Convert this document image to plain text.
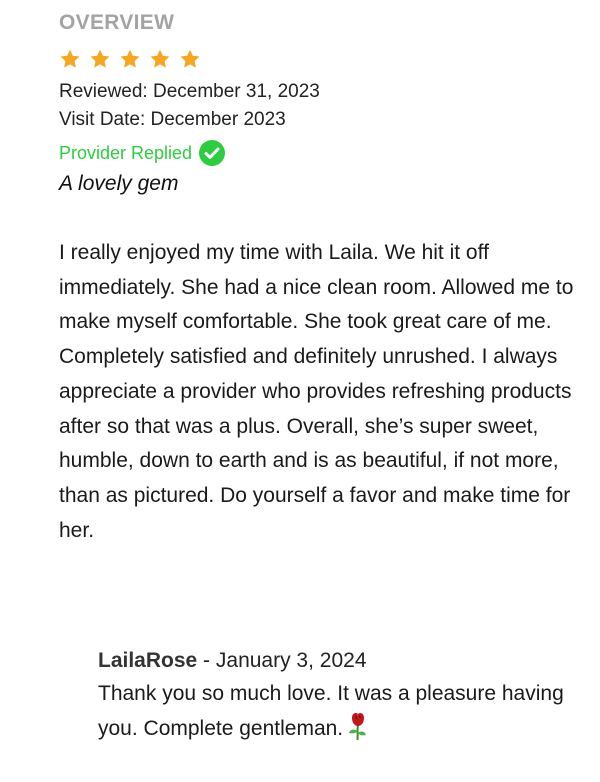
OVERVIEW
Reviewed: December 31, 2023
Visit Date: December 2023
Provider Replied
A lovely gem
I really enjoyed my time with Laila. We hit it off immediately. She had a nice clean room. Allowed me to make myself comfortable. She took great care of me. Completely satisfied and definitely unrushed. I always appreciate a provider who provides refreshing products after so that was a plus. Overall, she’s super sweet, humble, down to earth and is as beautiful, if not more, than as pictured. Do yourself a favor and make time for her.
LailaRose - January 3, 2024
Thank you so much love. It was a pleasure having you. Complete gentleman.
